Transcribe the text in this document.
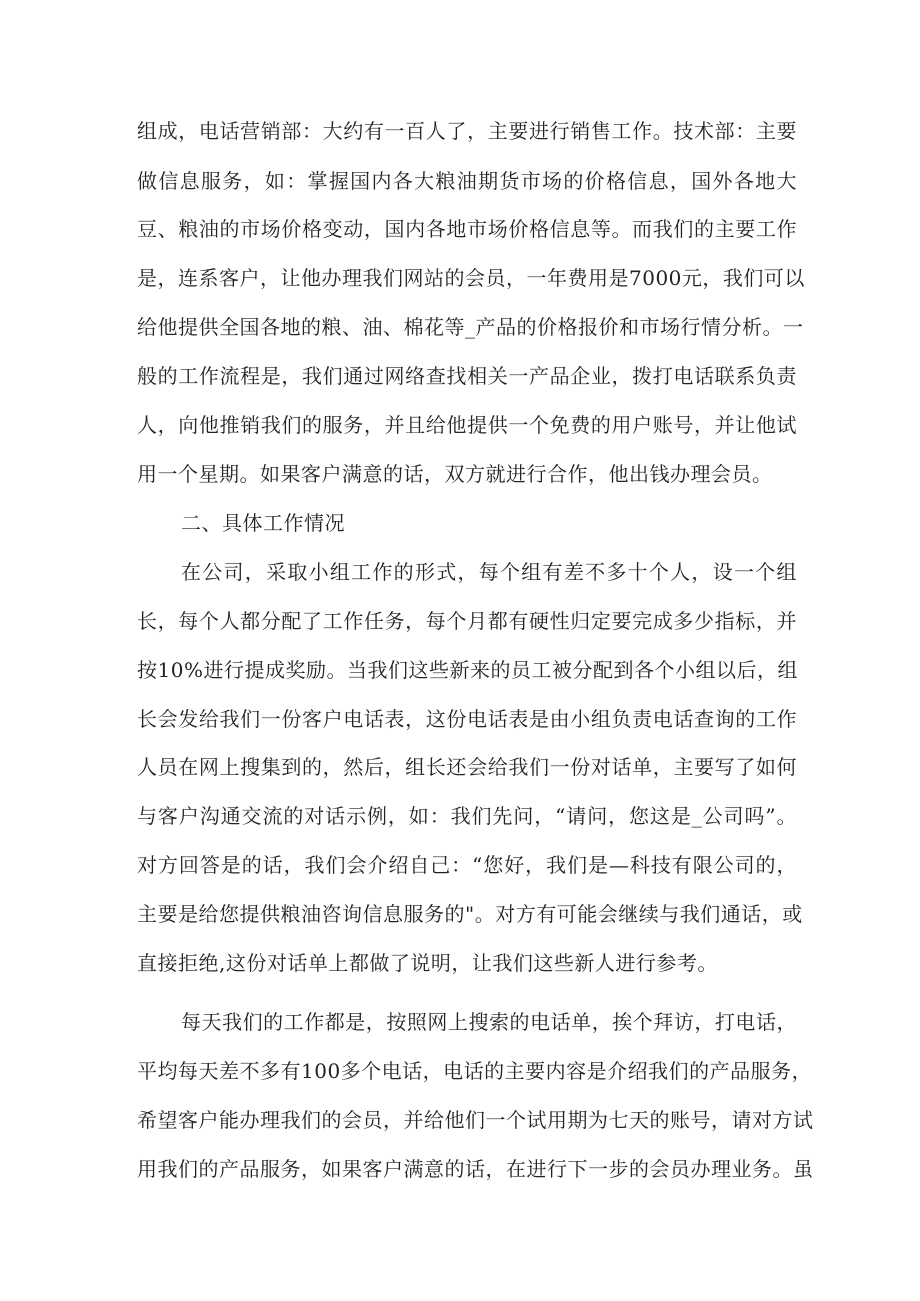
组成，电话营销部：大约有一百人了，主要进行销售工作。技术部：主要
做信息服务，如：掌握国内各大粮油期货市场的价格信息，国外各地大
豆、粮油的市场价格变动，国内各地市场价格信息等。而我们的主要工作
是，连系客户，让他办理我们网站的会员，一年费用是7000元，我们可以
给他提供全国各地的粮、油、棉花等_产品的价格报价和市场行情分析。一
般的工作流程是，我们通过网络查找相关一产品企业，拨打电话联系负责
人，向他推销我们的服务，并且给他提供一个免费的用户账号，并让他试
用一个星期。如果客户满意的话，双方就进行合作，他出钱办理会员。
二、具体工作情况
在公司，采取小组工作的形式，每个组有差不多十个人，设一个组
长，每个人都分配了工作任务，每个月都有硬性归定要完成多少指标，并
按10%进行提成奖励。当我们这些新来的员工被分配到各个小组以后，组
长会发给我们一份客户电话表，这份电话表是由小组负责电话查询的工作
人员在网上搜集到的，然后，组长还会给我们一份对话单，主要写了如何
与客户沟通交流的对话示例，如：我们先问，“请问，您这是_公司吗”。
对方回答是的话，我们会介绍自己：“您好，我们是—科技有限公司的，
主要是给您提供粮油咨询信息服务的"。对方有可能会继续与我们通话，或
直接拒绝,这份对话单上都做了说明，让我们这些新人进行参考。
每天我们的工作都是，按照网上搜索的电话单，挨个拜访，打电话，
平均每天差不多有100多个电话，电话的主要内容是介绍我们的产品服务，
希望客户能办理我们的会员，并给他们一个试用期为七天的账号，请对方试
用我们的产品服务，如果客户满意的话，在进行下一步的会员办理业务。虽
